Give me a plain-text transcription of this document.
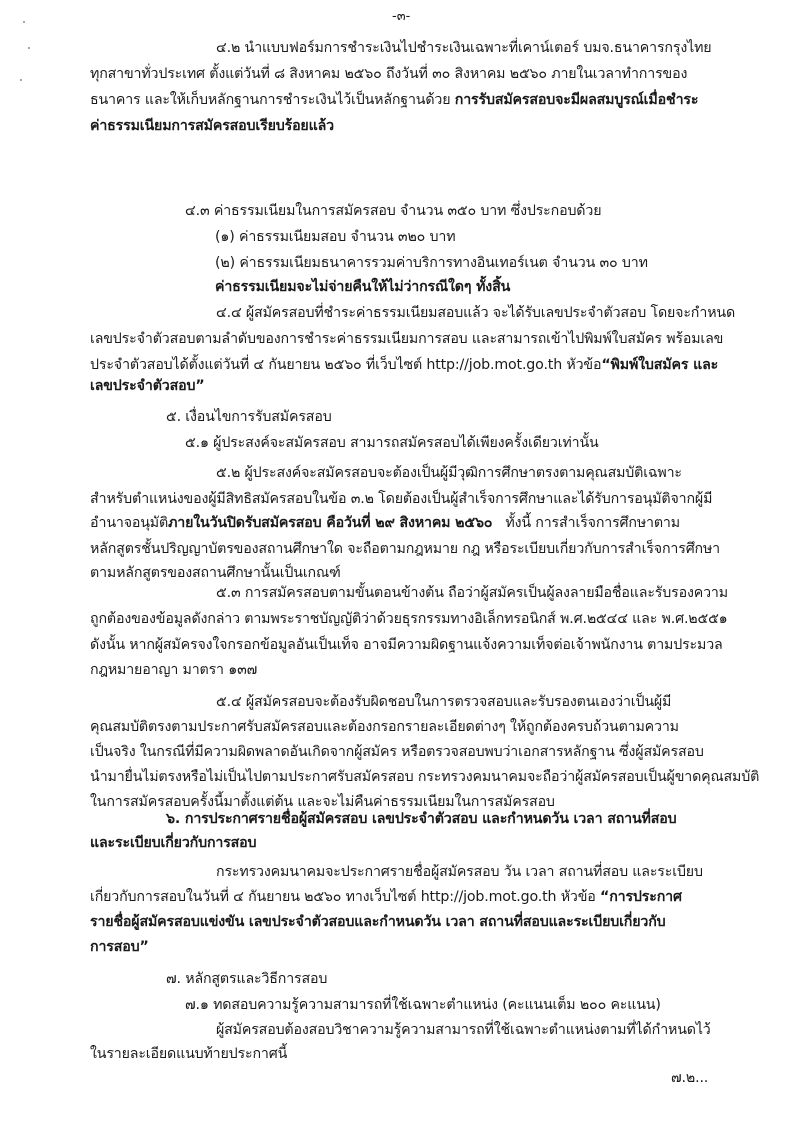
-๓-
๔.๒ นำแบบฟอร์มการชำระเงินไปชำระเงินเฉพาะที่เคาน์เตอร์ บมจ.ธนาคารกรุงไทย
ทุกสาขาทั่วประเทศ ตั้งแต่วันที่ ๘ สิงหาคม ๒๕๖๐ ถึงวันที่ ๓๐ สิงหาคม ๒๕๖๐ ภายในเวลาทำการของ
ธนาคาร และให้เก็บหลักฐานการชำระเงินไว้เป็นหลักฐานด้วย การรับสมัครสอบจะมีผลสมบูรณ์เมื่อชำระ
ค่าธรรมเนียมการสมัครสอบเรียบร้อยแล้ว
๔.๓ ค่าธรรมเนียมในการสมัครสอบ จำนวน ๓๕๐ บาท ซึ่งประกอบด้วย
(๑) ค่าธรรมเนียมสอบ จำนวน ๓๒๐ บาท
(๒) ค่าธรรมเนียมธนาคารรวมค่าบริการทางอินเทอร์เนต จำนวน ๓๐ บาท
ค่าธรรมเนียมจะไม่จ่ายคืนให้ไม่ว่ากรณีใดๆ ทั้งสิ้น
๔.๔ ผู้สมัครสอบที่ชำระค่าธรรมเนียมสอบแล้ว จะได้รับเลขประจำตัวสอบ โดยจะกำหนด
เลขประจำตัวสอบตามลำดับของการชำระค่าธรรมเนียมการสอบ และสามารถเข้าไปพิมพ์ใบสมัคร พร้อมเลข
ประจำตัวสอบได้ตั้งแต่วันที่ ๔ กันยายน ๒๕๖๐ ที่เว็บไซต์ http://job.mot.go.th หัวข้อ“พิมพ์ใบสมัคร และ
เลขประจำตัวสอบ”
๕. เงื่อนไขการรับสมัครสอบ
๕.๑ ผู้ประสงค์จะสมัครสอบ สามารถสมัครสอบได้เพียงครั้งเดียวเท่านั้น
๕.๒ ผู้ประสงค์จะสมัครสอบจะต้องเป็นผู้มีวุฒิการศึกษาตรงตามคุณสมบัติเฉพาะ
สำหรับตำแหน่งของผู้มีสิทธิสมัครสอบในข้อ ๓.๒ โดยต้องเป็นผู้สำเร็จการศึกษาและได้รับการอนุมัติจากผู้มี
อำนาจอนุมัติภายในวันปิดรับสมัครสอบ คือวันที่ ๒๙ สิงหาคม ๒๕๖๐   ทั้งนี้ การสำเร็จการศึกษาตาม
หลักสูตรชั้นปริญญาบัตรของสถานศึกษาใด จะถือตามกฎหมาย กฎ หรือระเบียบเกี่ยวกับการสำเร็จการศึกษา
ตามหลักสูตรของสถานศึกษานั้นเป็นเกณฑ์
๕.๓ การสมัครสอบตามขั้นตอนข้างต้น ถือว่าผู้สมัครเป็นผู้ลงลายมือชื่อและรับรองความ
ถูกต้องของข้อมูลดังกล่าว ตามพระราชบัญญัติว่าด้วยธุรกรรมทางอิเล็กทรอนิกส์ พ.ศ.๒๕๔๔ และ พ.ศ.๒๕๕๑
ดังนั้น หากผู้สมัครจงใจกรอกข้อมูลอันเป็นเท็จ อาจมีความผิดฐานแจ้งความเท็จต่อเจ้าพนักงาน ตามประมวล
กฎหมายอาญา มาตรา ๑๓๗
๕.๔ ผู้สมัครสอบจะต้องรับผิดชอบในการตรวจสอบและรับรองตนเองว่าเป็นผู้มี
คุณสมบัติตรงตามประกาศรับสมัครสอบและต้องกรอกรายละเอียดต่างๆ ให้ถูกต้องครบถ้วนตามความ
เป็นจริง ในกรณีที่มีความผิดพลาดอันเกิดจากผู้สมัคร หรือตรวจสอบพบว่าเอกสารหลักฐาน ซึ่งผู้สมัครสอบ
นำมายื่นไม่ตรงหรือไม่เป็นไปตามประกาศรับสมัครสอบ กระทรวงคมนาคมจะถือว่าผู้สมัครสอบเป็นผู้ขาดคุณสมบัติ
ในการสมัครสอบครั้งนี้มาตั้งแต่ต้น และจะไม่คืนค่าธรรมเนียมในการสมัครสอบ
๖. การประกาศรายชื่อผู้สมัครสอบ เลขประจำตัวสอบ และกำหนดวัน เวลา สถานที่สอบ
และระเบียบเกี่ยวกับการสอบ
กระทรวงคมนาคมจะประกาศรายชื่อผู้สมัครสอบ วัน เวลา สถานที่สอบ และระเบียบ
เกี่ยวกับการสอบในวันที่ ๔ กันยายน ๒๕๖๐ ทางเว็บไซต์ http://job.mot.go.th หัวข้อ “การประกาศ
รายชื่อผู้สมัครสอบแข่งขัน เลขประจำตัวสอบและกำหนดวัน เวลา สถานที่สอบและระเบียบเกี่ยวกับ
การสอบ”
๗. หลักสูตรและวิธีการสอบ
๗.๑ ทดสอบความรู้ความสามารถที่ใช้เฉพาะตำแหน่ง (คะแนนเต็ม ๒๐๐ คะแนน)
ผู้สมัครสอบต้องสอบวิชาความรู้ความสามารถที่ใช้เฉพาะตำแหน่งตามที่ได้กำหนดไว้
ในรายละเอียดแนบท้ายประกาศนี้
๗.๒...
